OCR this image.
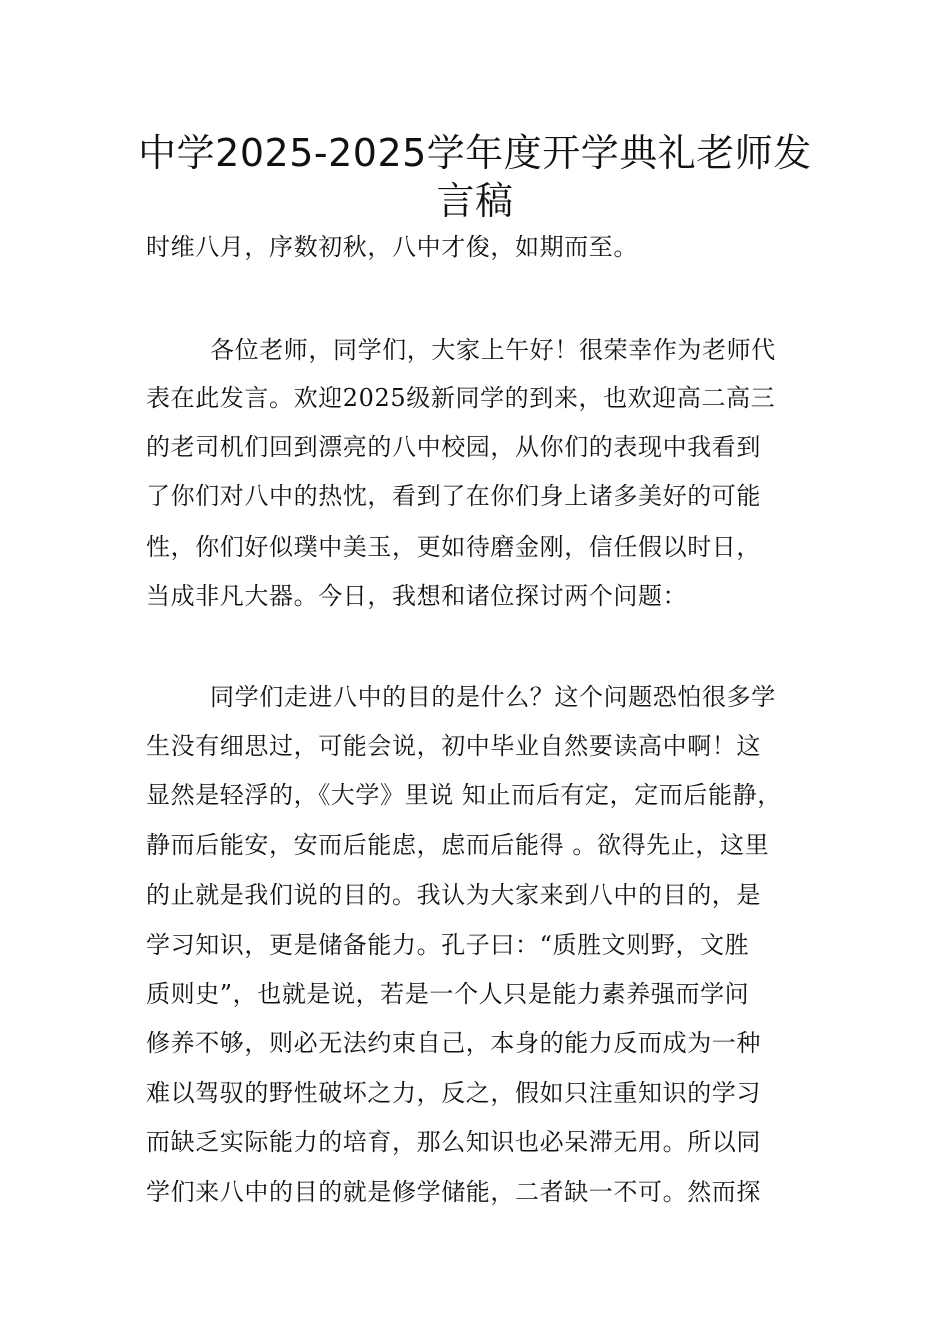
中学2025-2025学年度开学典礼老师发
言稿
时维八月，序数初秋，八中才俊，如期而至。
各位老师，同学们，大家上午好！很荣幸作为老师代
表在此发言。欢迎2025级新同学的到来，也欢迎高二高三
的老司机们回到漂亮的八中校园，从你们的表现中我看到
了你们对八中的热忱，看到了在你们身上诸多美好的可能
性，你们好似璞中美玉，更如待磨金刚，信任假以时日，
当成非凡大器。今日，我想和诸位探讨两个问题：
同学们走进八中的目的是什么？这个问题恐怕很多学
生没有细思过，可能会说，初中毕业自然要读高中啊！这
显然是轻浮的，《大学》里说 知止而后有定，定而后能静，
静而后能安，安而后能虑，虑而后能得 。欲得先止，这里
的止就是我们说的目的。我认为大家来到八中的目的，是
学习知识，更是储备能力。孔子曰：“质胜文则野，文胜
质则史”，也就是说，若是一个人只是能力素养强而学问
修养不够，则必无法约束自己，本身的能力反而成为一种
难以驾驭的野性破坏之力，反之，假如只注重知识的学习
而缺乏实际能力的培育，那么知识也必呆滞无用。所以同
学们来八中的目的就是修学储能，二者缺一不可。然而探
